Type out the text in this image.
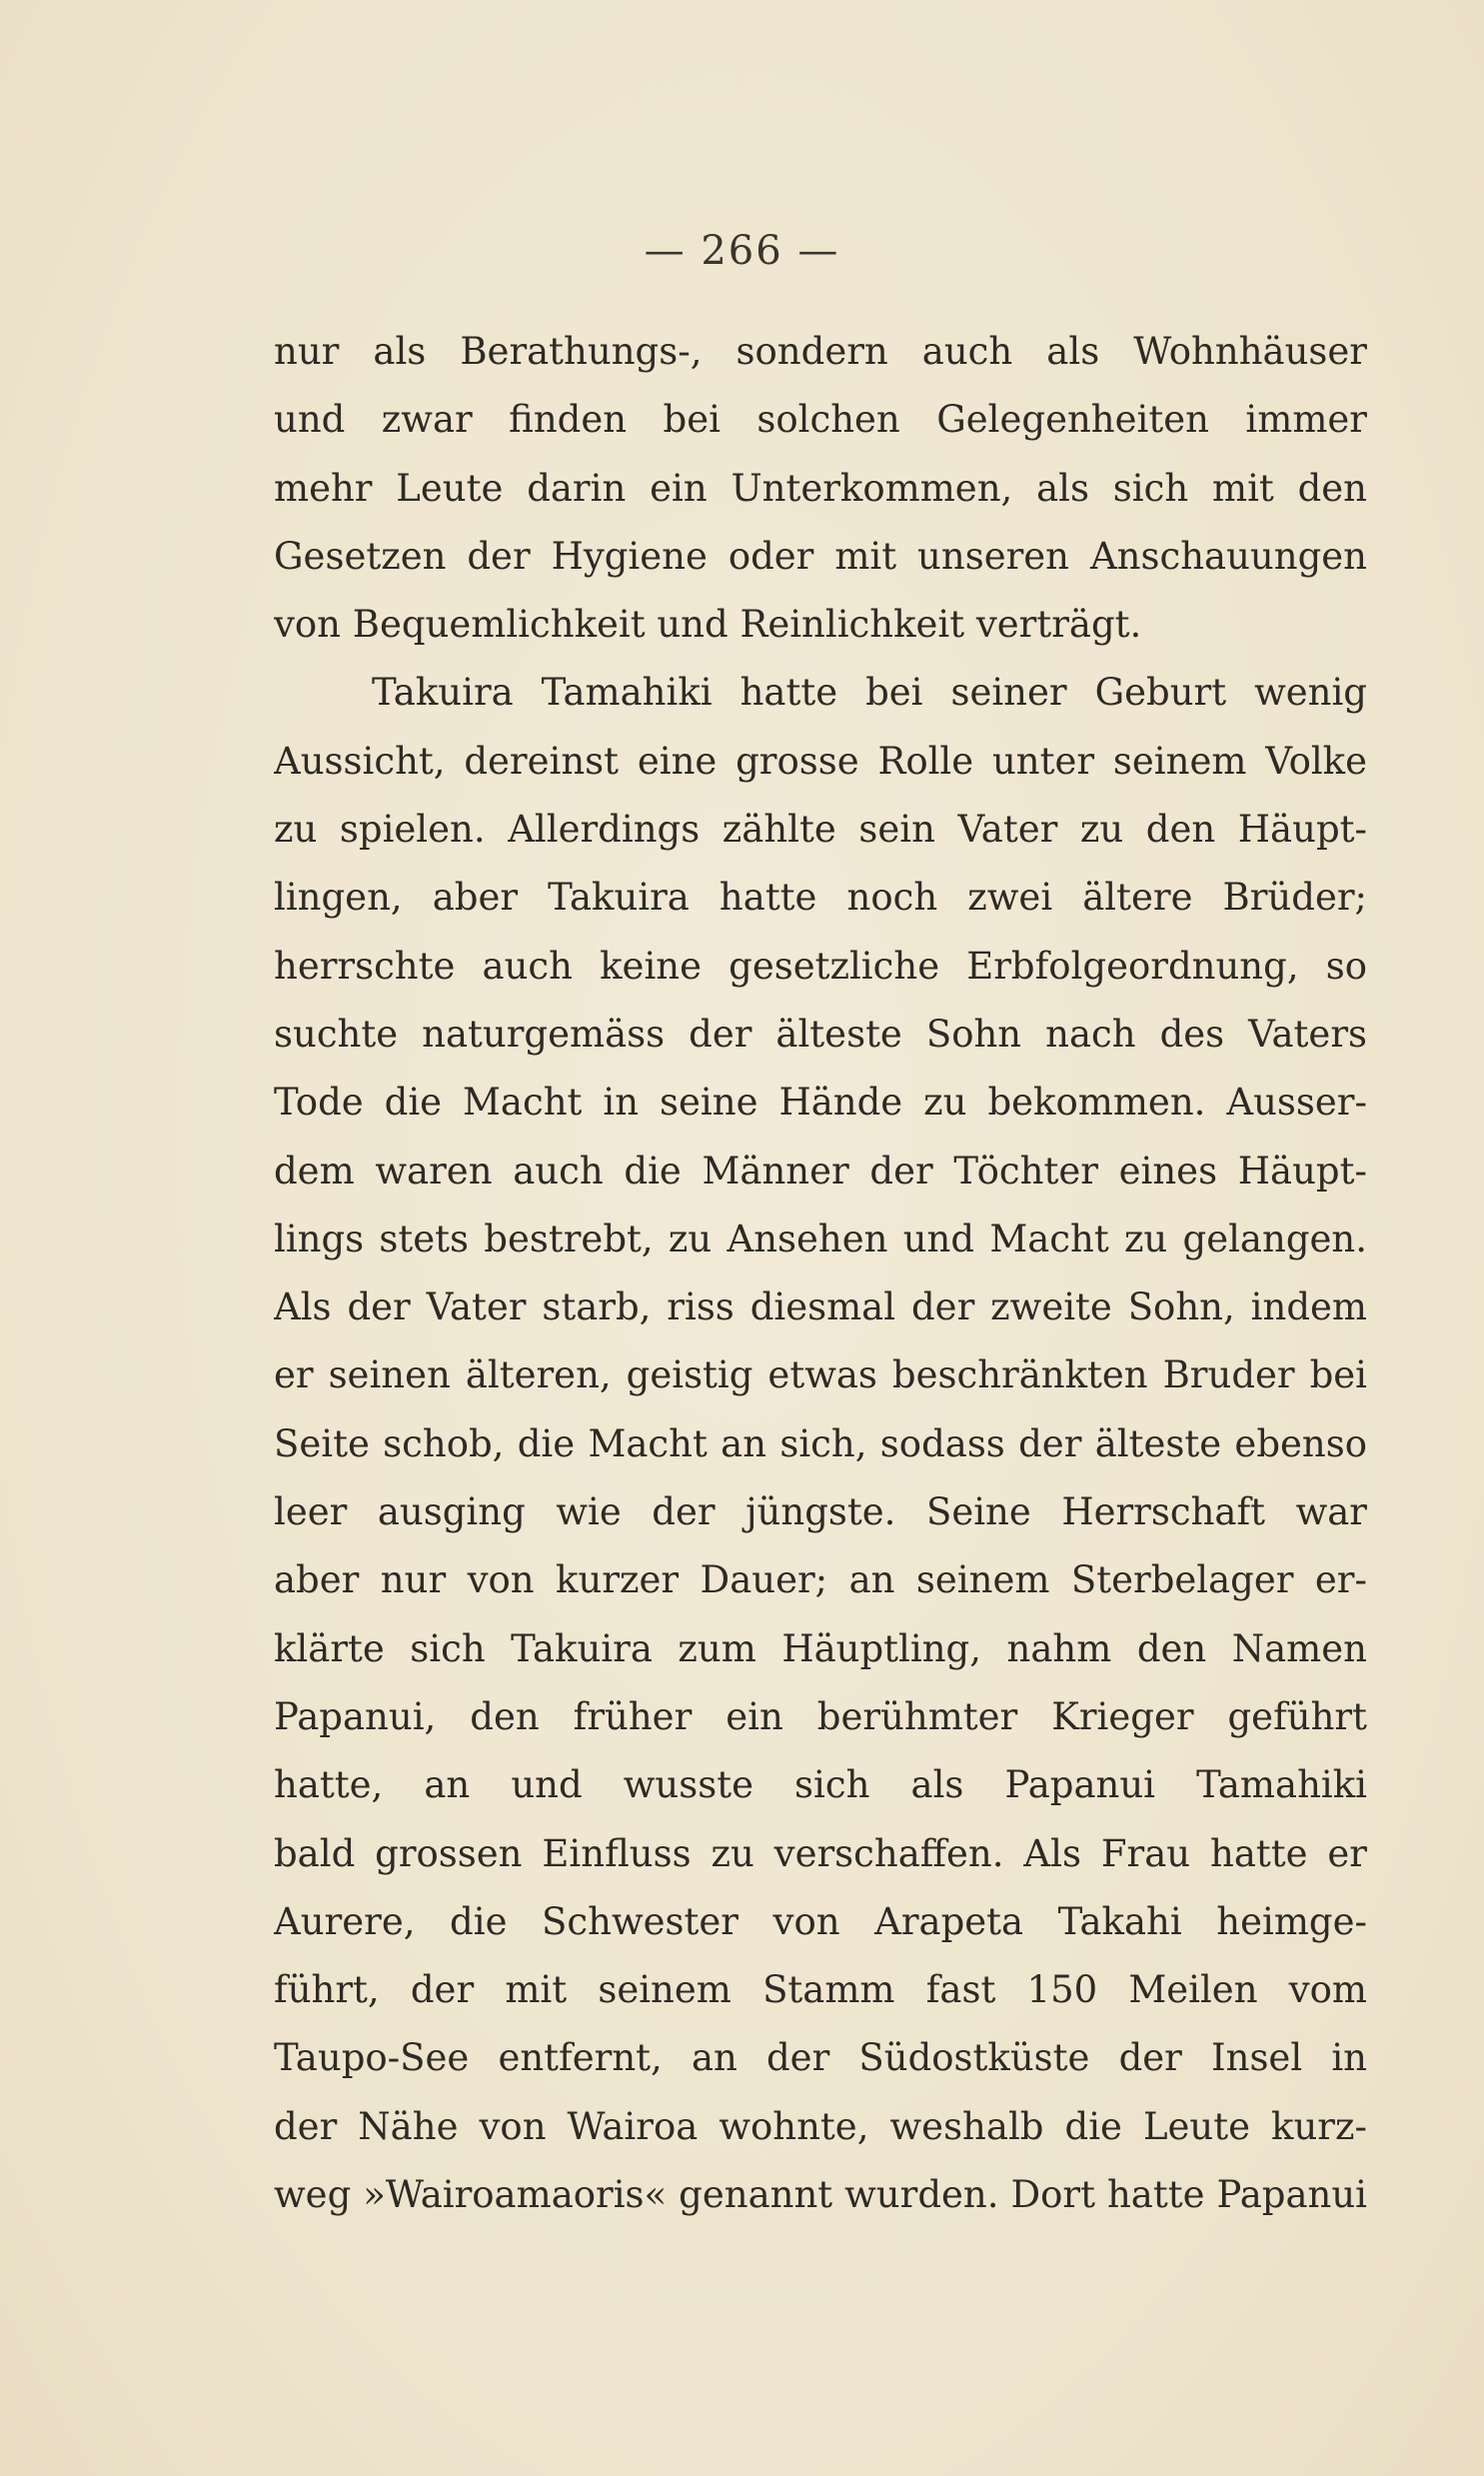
— 266 —
nur als Berathungs-, sondern auch als Wohnhäuser
und zwar finden bei solchen Gelegenheiten immer
mehr Leute darin ein Unterkommen, als sich mit den
Gesetzen der Hygiene oder mit unseren Anschauungen
von Bequemlichkeit und Reinlichkeit verträgt.
Takuira Tamahiki hatte bei seiner Geburt wenig
Aussicht, dereinst eine grosse Rolle unter seinem Volke
zu spielen. Allerdings zählte sein Vater zu den Häupt-
lingen, aber Takuira hatte noch zwei ältere Brüder;
herrschte auch keine gesetzliche Erbfolgeordnung, so
suchte naturgemäss der älteste Sohn nach des Vaters
Tode die Macht in seine Hände zu bekommen. Ausser-
dem waren auch die Männer der Töchter eines Häupt-
lings stets bestrebt, zu Ansehen und Macht zu gelangen.
Als der Vater starb, riss diesmal der zweite Sohn, indem
er seinen älteren, geistig etwas beschränkten Bruder bei
Seite schob, die Macht an sich, sodass der älteste ebenso
leer ausging wie der jüngste. Seine Herrschaft war
aber nur von kurzer Dauer; an seinem Sterbelager er-
klärte sich Takuira zum Häuptling, nahm den Namen
Papanui, den früher ein berühmter Krieger geführt
hatte, an und wusste sich als Papanui Tamahiki
bald grossen Einfluss zu verschaffen. Als Frau hatte er
Aurere, die Schwester von Arapeta Takahi heimge-
führt, der mit seinem Stamm fast 150 Meilen vom
Taupo-See entfernt, an der Südostküste der Insel in
der Nähe von Wairoa wohnte, weshalb die Leute kurz-
weg »Wairoamaoris« genannt wurden. Dort hatte Papanui
